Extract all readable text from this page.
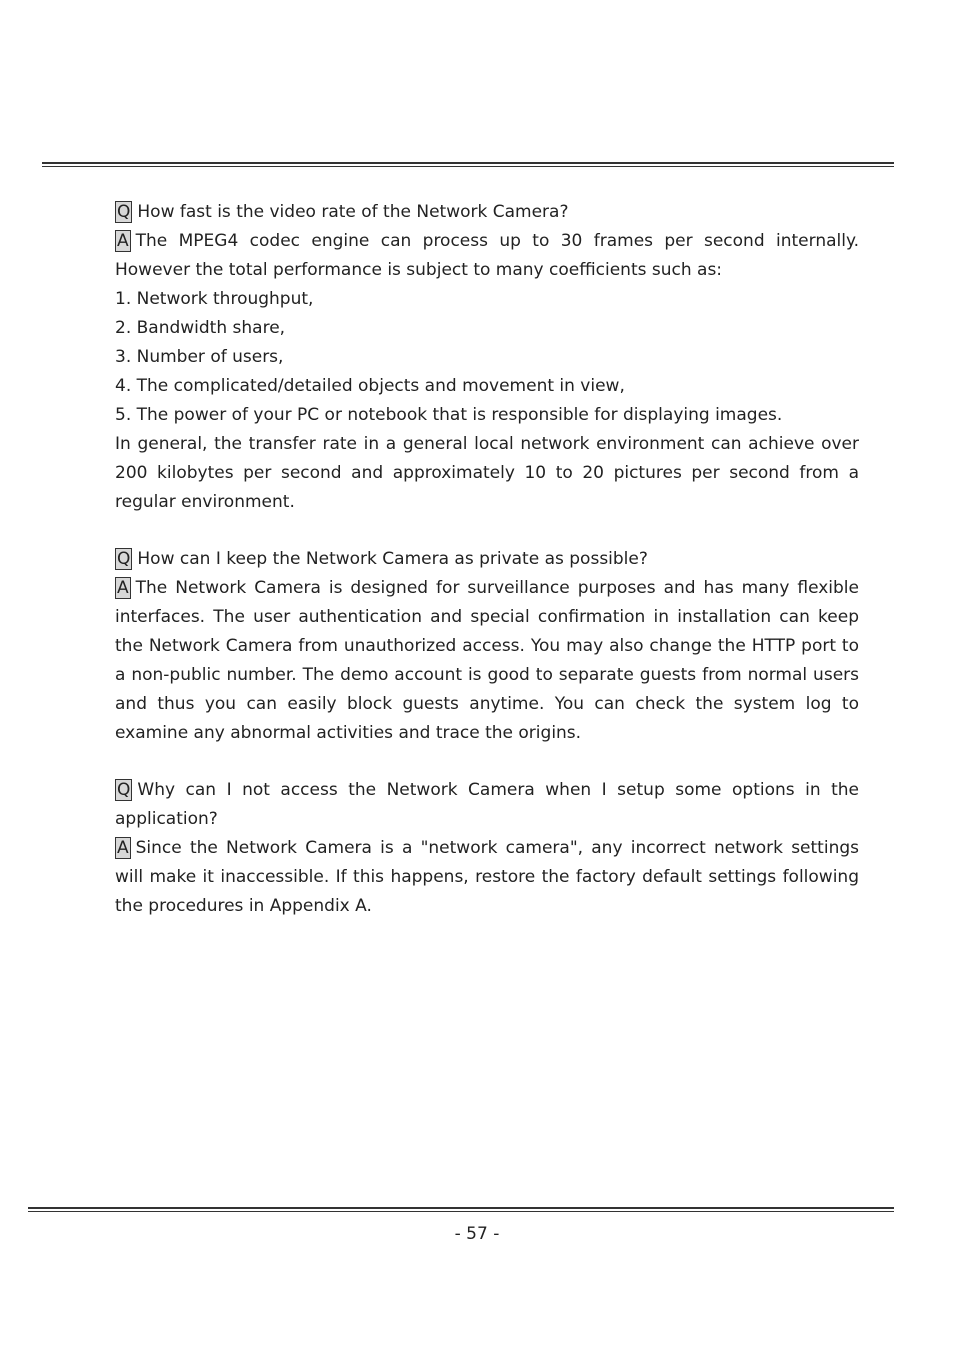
Q How fast is the video rate of the Network Camera?

A The MPEG4 codec engine can process up to 30 frames per second internally. However the total performance is subject to many coefficients such as:

1. Network throughput,

2. Bandwidth share,

3. Number of users,

4. The complicated/detailed objects and movement in view,

5. The power of your PC or notebook that is responsible for displaying images.

In general, the transfer rate in a general local network environment can achieve over 200 kilobytes per second and approximately 10 to 20 pictures per second from a regular environment.

Q How can I keep the Network Camera as private as possible?

A The Network Camera is designed for surveillance purposes and has many flexible interfaces. The user authentication and special confirmation in installation can keep the Network Camera from unauthorized access. You may also change the HTTP port to a non-public number. The demo account is good to separate guests from normal users and thus you can easily block guests anytime. You can check the system log to examine any abnormal activities and trace the origins.

Q Why can I not access the Network Camera when I setup some options in the application?

A Since the Network Camera is a "network camera", any incorrect network settings will make it inaccessible. If this happens, restore the factory default settings following the procedures in Appendix A.

- 57 -
